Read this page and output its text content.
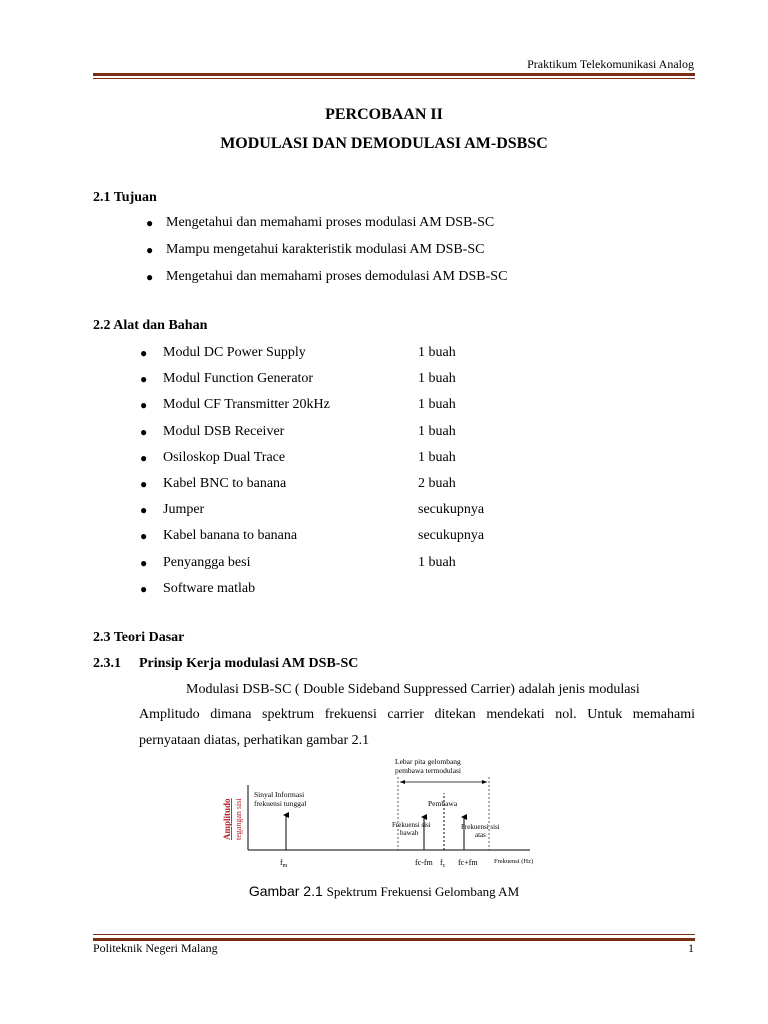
Praktikum Telekomunikasi Analog
PERCOBAAN II
MODULASI DAN DEMODULASI AM-DSBSC
2.1 Tujuan
● Mengetahui dan memahami proses modulasi AM DSB-SC
● Mampu mengetahui karakteristik modulasi AM DSB-SC
● Mengetahui dan memahami proses demodulasi AM DSB-SC
2.2 Alat dan Bahan
● Modul DC Power Supply	1 buah
● Modul Function Generator	1 buah
● Modul CF Transmitter 20kHz	1 buah
● Modul DSB Receiver	1 buah
● Osiloskop Dual Trace	1 buah
● Kabel BNC to banana	2 buah
● Jumper	secukupnya
● Kabel banana to banana	secukupnya
● Penyangga besi	1 buah
● Software matlab
2.3 Teori Dasar
2.3.1 Prinsip Kerja modulasi AM DSB-SC
Modulasi DSB-SC ( Double Sideband Suppressed Carrier) adalah jenis modulasi
Amplitudo dimana spektrum frekuensi carrier ditekan mendekati nol. Untuk memahami
pernyataan diatas, perhatikan gambar 2.1
Amplitudo tegangan sisi
Sinyal Informasi
frekuensi tunggal
Lebar pita gelombang
pembawa termodulasi
Pembawa
Frekuensi sisi
bawah
Frekuensi sisi
atas
$f_m$	fc-fm $f_c$ fc+fm	Frekuensi (Hz)
Gambar 2.1 Spektrum Frekuensi Gelombang AM
Politeknik Negeri Malang	1
